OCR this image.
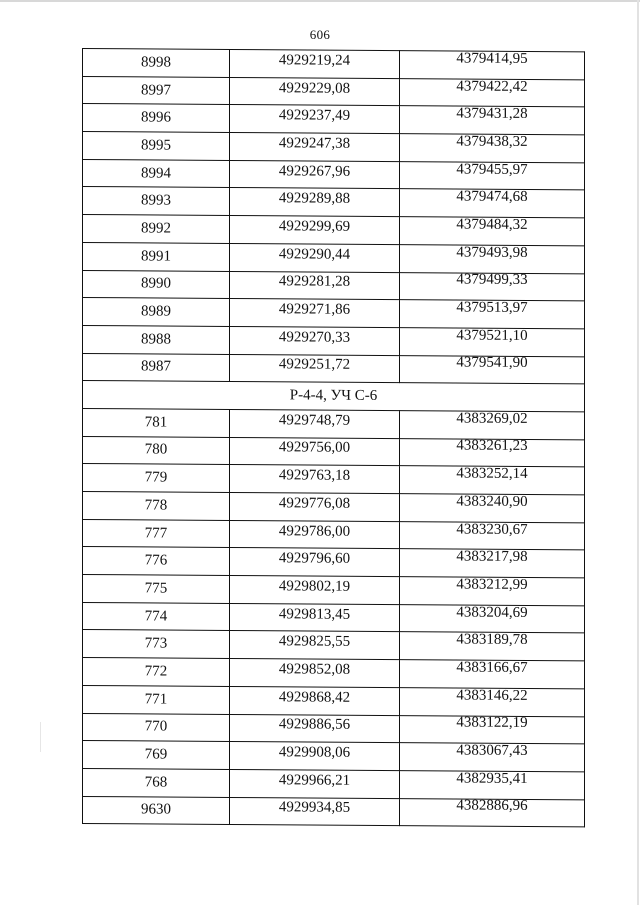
606
8998	4929219,24	4379414,95
8997	4929229,08	4379422,42
8996	4929237,49	4379431,28
8995	4929247,38	4379438,32
8994	4929267,96	4379455,97
8993	4929289,88	4379474,68
8992	4929299,69	4379484,32
8991	4929290,44	4379493,98
8990	4929281,28	4379499,33
8989	4929271,86	4379513,97
8988	4929270,33	4379521,10
8987	4929251,72	4379541,90
Р-4-4, УЧ С-6		
781	4929748,79	4383269,02
780	4929756,00	4383261,23
779	4929763,18	4383252,14
778	4929776,08	4383240,90
777	4929786,00	4383230,67
776	4929796,60	4383217,98
775	4929802,19	4383212,99
774	4929813,45	4383204,69
773	4929825,55	4383189,78
772	4929852,08	4383166,67
771	4929868,42	4383146,22
770	4929886,56	4383122,19
769	4929908,06	4383067,43
768	4929966,21	4382935,41
9630	4929934,85	4382886,96
